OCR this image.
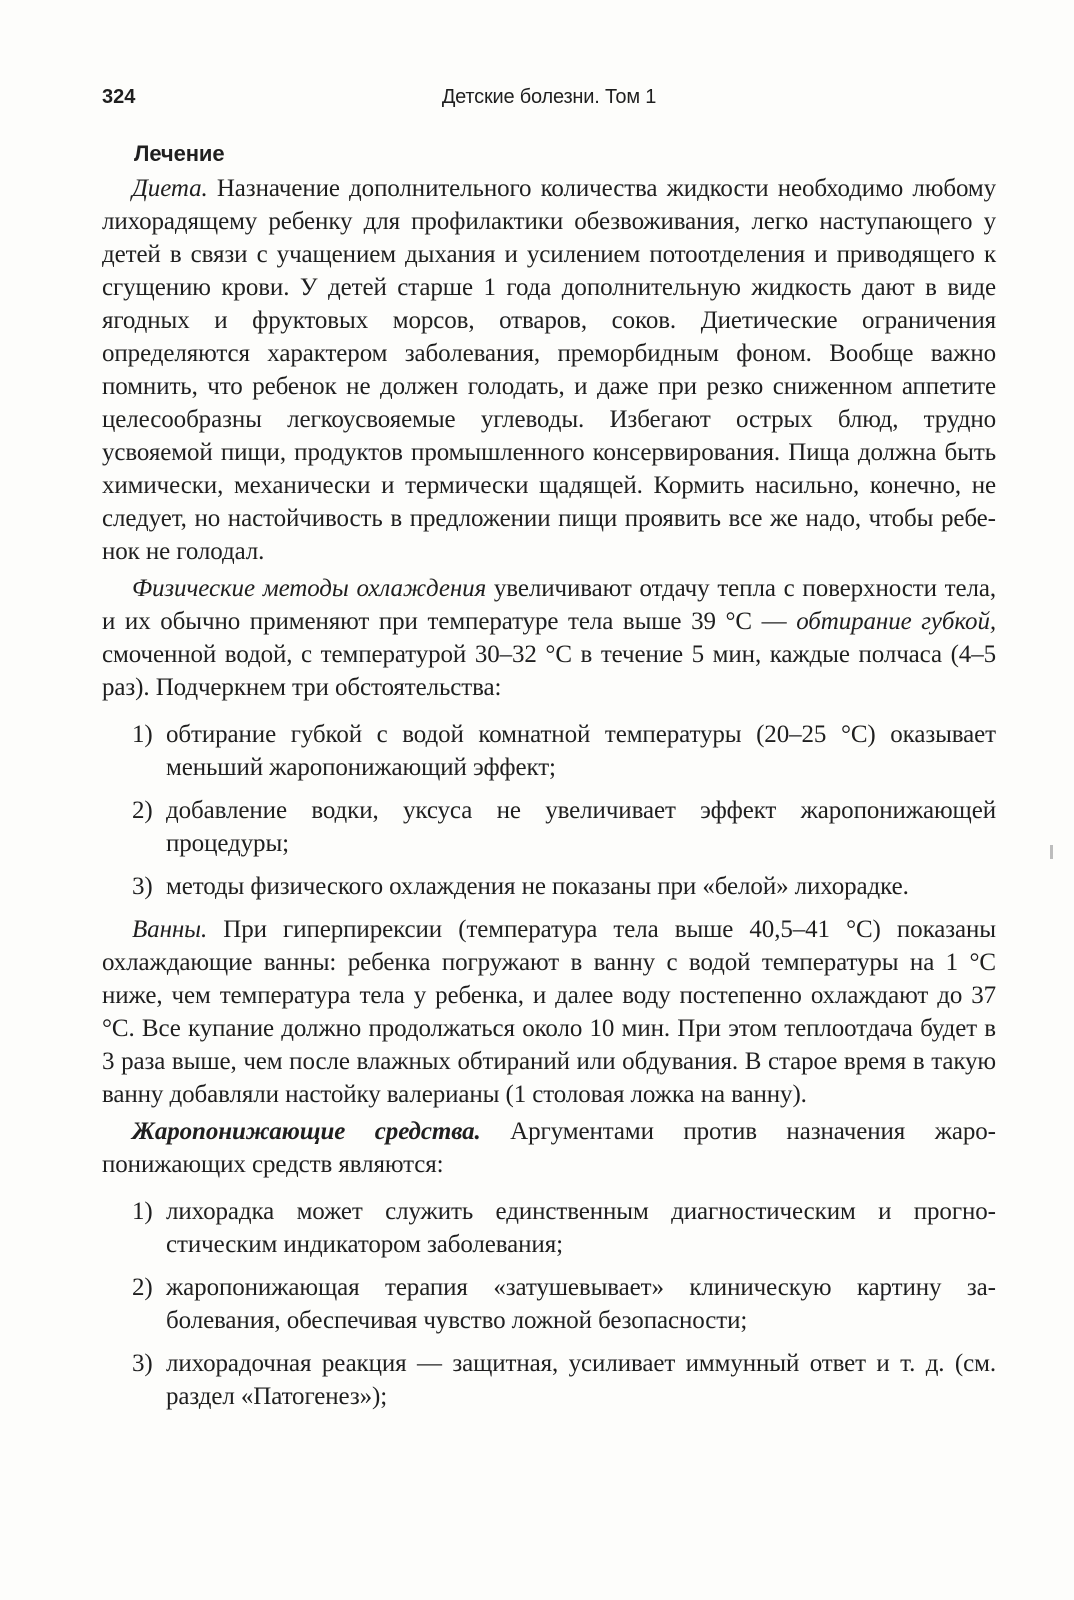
324	Детские болезни. Том 1
Лечение

Диета. Назначение дополнительного количества жидкости необходимо любому лихорадящему ребенку для профилактики обезвоживания, легко наступающего у детей в связи с учащением дыхания и усилением потоотделения и приводящего к сгущению крови. У детей старше 1 года дополнительную жидкость дают в виде ягодных и фруктовых морсов, отваров, соков. Диетические ограничения определяются характером заболевания, преморбидным фоном. Вообще важно помнить, что ребенок не должен голодать, и даже при резко сниженном аппетите целесообразны легкоусвояемые углеводы. Избегают острых блюд, трудно усвояемой пищи, продуктов промышленного консервирования. Пища должна быть химически, механически и термически щадящей. Кормить насильно, конечно, не следует, но настойчивость в предложении пищи проявить все же надо, чтобы ребенок не голодал.

Физические методы охлаждения увеличивают отдачу тепла с поверхности тела, и их обычно применяют при температуре тела выше 39 °С — обтирание губкой, смоченной водой, с температурой 30–32 °С в течение 5 мин, каждые полчаса (4–5 раз). Подчеркнем три обстоятельства:

1) обтирание губкой с водой комнатной температуры (20–25 °С) оказывает меньший жаропонижающий эффект;
2) добавление водки, уксуса не увеличивает эффект жаропонижающей процедуры;
3) методы физического охлаждения не показаны при «белой» лихорадке.

Ванны. При гиперпирексии (температура тела выше 40,5–41 °С) показаны охлаждающие ванны: ребенка погружают в ванну с водой температуры на 1 °С ниже, чем температура тела у ребенка, и далее воду постепенно охлаждают до 37 °С. Все купание должно продолжаться около 10 мин. При этом теплоотдача будет в 3 раза выше, чем после влажных обтираний или обдувания. В старое время в такую ванну добавляли настойку валерианы (1 столовая ложка на ванну).

Жаропонижающие средства. Аргументами против назначения жаропонижающих средств являются:

1) лихорадка может служить единственным диагностическим и прогностическим индикатором заболевания;
2) жаропонижающая терапия «затушевывает» клиническую картину заболевания, обеспечивая чувство ложной безопасности;
3) лихорадочная реакция — защитная, усиливает иммунный ответ и т. д. (см. раздел «Патогенез»);
